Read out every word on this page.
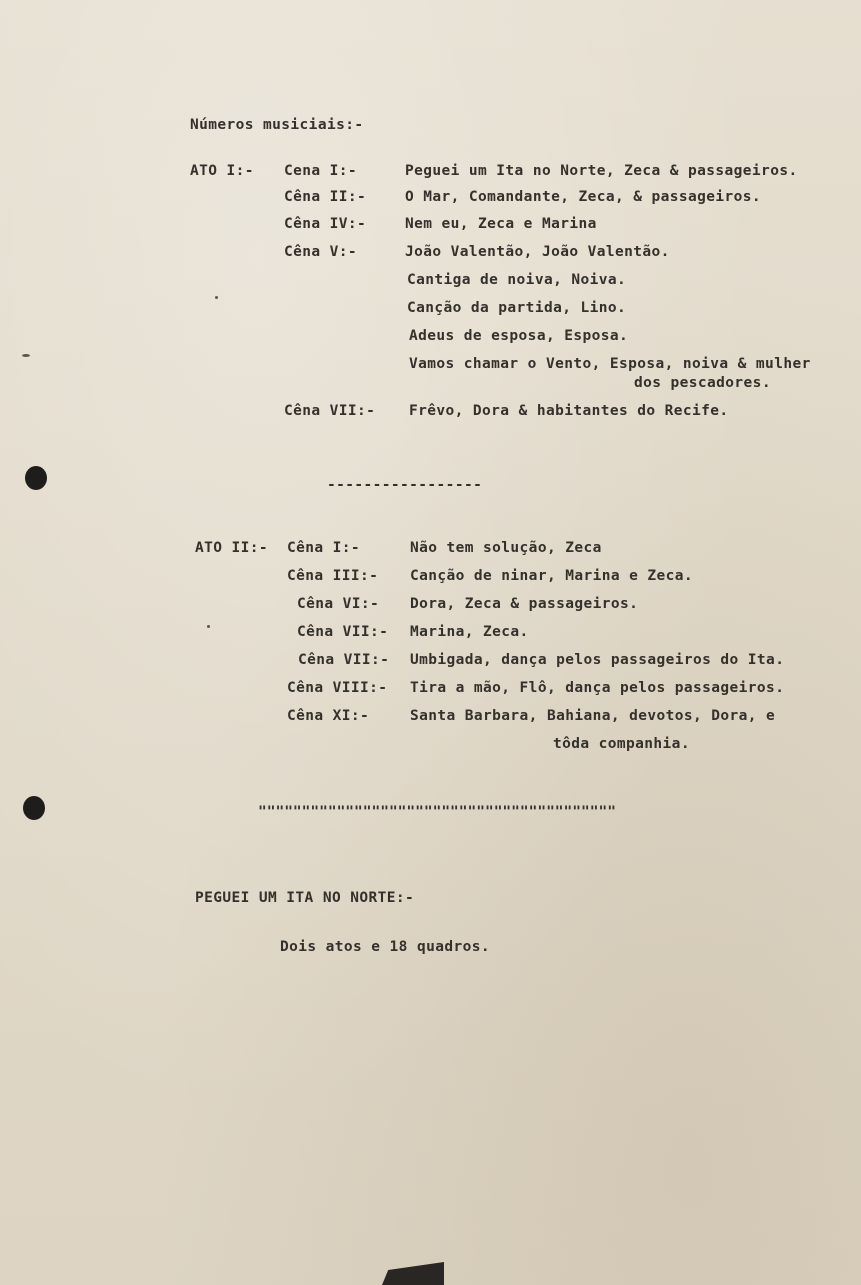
Números musiciais:-
ATO I:- Cena I:-	Peguei um Ita no Norte, Zeca & passageiros.
Cêna II:-	O Mar, Comandante, Zeca, & passageiros.
Cêna IV:-	Nem eu, Zeca e Marina
Cêna V:-	João Valentão, João Valentão.
Cantiga de noiva, Noiva.
Canção da partida, Lino.
Adeus de esposa, Esposa.
Vamos chamar o Vento, Esposa, noiva & mulher
dos pescadores.
Cêna VII:- Frêvo, Dora & habitantes do Recife.
-----------------
ATO II:- Cêna I:-	Não tem solução, Zeca
Cêna III:- Canção de ninar, Marina e Zeca.
Cêna VI:- Dora, Zeca & passageiros.
Cêna VII:- Marina, Zeca.
Cêna VII:- Umbigada, dança pelos passageiros do Ita.
Cêna VIII:- Tira a mão, Flô, dança pelos passageiros.
Cêna XI:-	Santa Barbara, Bahiana, devotos, Dora, e
tôda companhia.
"""""""""""""""""""""""""""""""""""""""""
PEGUEI UM ITA NO NORTE:-
Dois atos e 18 quadros.
